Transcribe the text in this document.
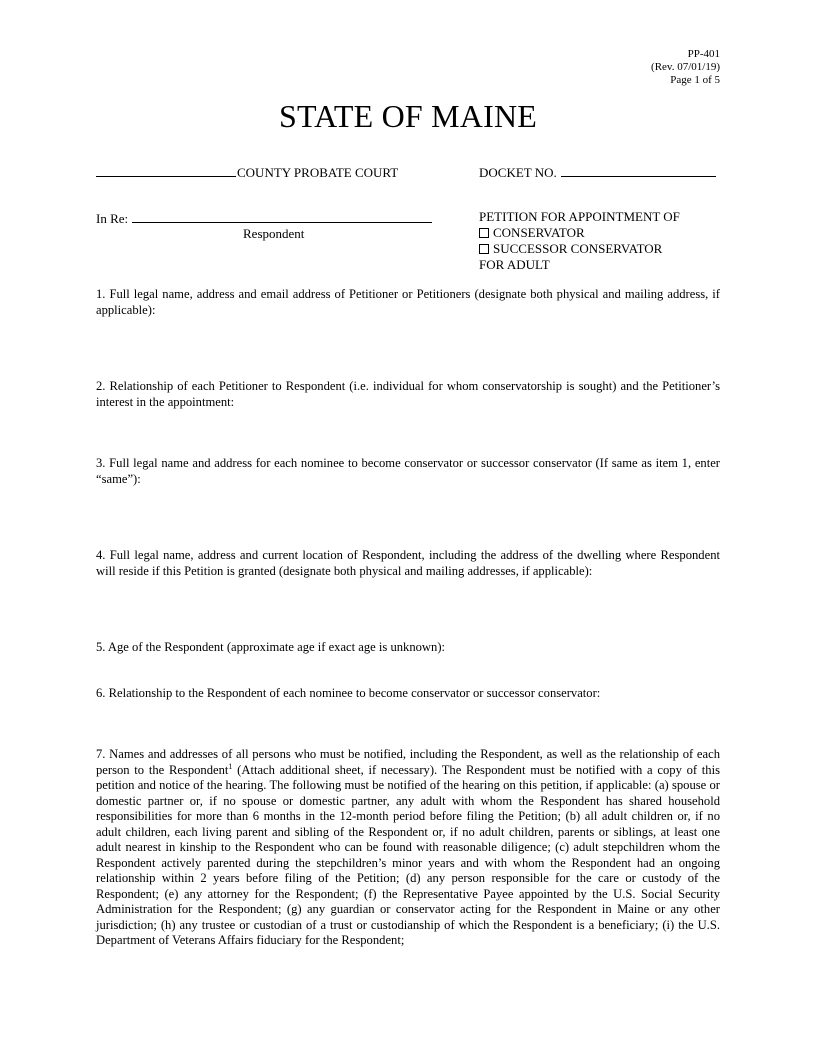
PP-401
(Rev. 07/01/19)
Page 1 of 5
STATE OF MAINE
COUNTY PROBATE COURT	DOCKET NO.
In Re:
Respondent
PETITION FOR APPOINTMENT OF
CONSERVATOR
SUCCESSOR CONSERVATOR
FOR ADULT
1. Full legal name, address and email address of Petitioner or Petitioners (designate both physical and mailing address, if applicable):
2. Relationship of each Petitioner to Respondent (i.e. individual for whom conservatorship is sought) and the Petitioner’s interest in the appointment:
3. Full legal name and address for each nominee to become conservator or successor conservator (If same as item 1, enter “same”):
4. Full legal name, address and current location of Respondent, including the address of the dwelling where Respondent will reside if this Petition is granted (designate both physical and mailing addresses, if applicable):
5. Age of the Respondent (approximate age if exact age is unknown):
6. Relationship to the Respondent of each nominee to become conservator or successor conservator:
7. Names and addresses of all persons who must be notified, including the Respondent, as well as the relationship of each person to the Respondent$^1$ (Attach additional sheet, if necessary). The Respondent must be notified with a copy of this petition and notice of the hearing. The following must be notified of the hearing on this petition, if applicable: (a) spouse or domestic partner or, if no spouse or domestic partner, any adult with whom the Respondent has shared household responsibilities for more than 6 months in the 12-month period before filing the Petition; (b) all adult children or, if no adult children, each living parent and sibling of the Respondent or, if no adult children, parents or siblings, at least one adult nearest in kinship to the Respondent who can be found with reasonable diligence; (c) adult stepchildren whom the Respondent actively parented during the stepchildren’s minor years and with whom the Respondent had an ongoing relationship within 2 years before filing of the Petition; (d) any person responsible for the care or custody of the Respondent; (e) any attorney for the Respondent; (f) the Representative Payee appointed by the U.S. Social Security Administration for the Respondent; (g) any guardian or conservator acting for the Respondent in Maine or any other jurisdiction; (h) any trustee or custodian of a trust or custodianship of which the Respondent is a beneficiary; (i) the U.S. Department of Veterans Affairs fiduciary for the Respondent;
